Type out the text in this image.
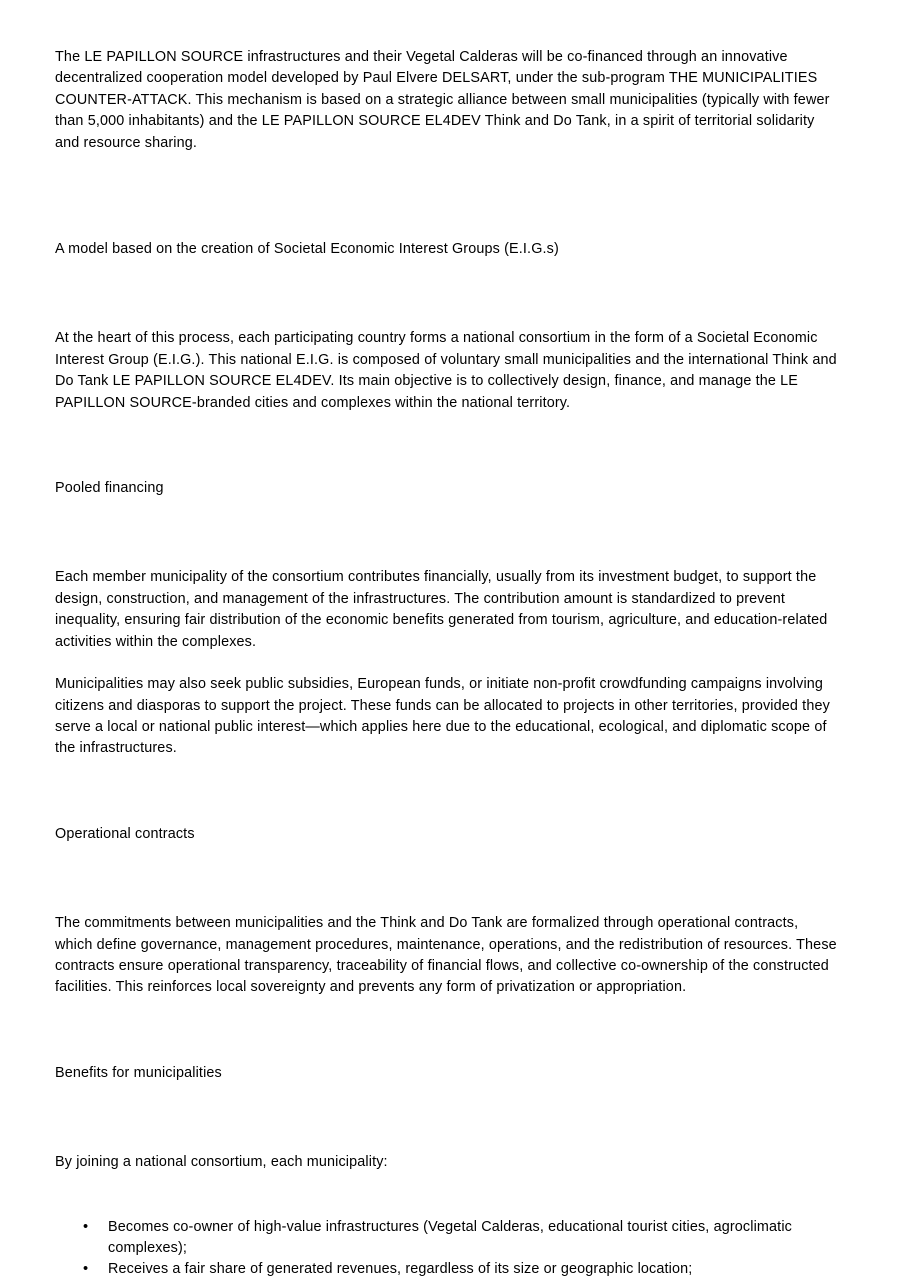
The LE PAPILLON SOURCE infrastructures and their Vegetal Calderas will be co-financed through an innovative decentralized cooperation model developed by Paul Elvere DELSART, under the sub-program THE MUNICIPALITIES COUNTER-ATTACK. This mechanism is based on a strategic alliance between small municipalities (typically with fewer than 5,000 inhabitants) and the LE PAPILLON SOURCE EL4DEV Think and Do Tank, in a spirit of territorial solidarity and resource sharing.

A model based on the creation of Societal Economic Interest Groups (E.I.G.s)

At the heart of this process, each participating country forms a national consortium in the form of a Societal Economic Interest Group (E.I.G.). This national E.I.G. is composed of voluntary small municipalities and the international Think and Do Tank LE PAPILLON SOURCE EL4DEV. Its main objective is to collectively design, finance, and manage the LE PAPILLON SOURCE-branded cities and complexes within the national territory.

Pooled financing

Each member municipality of the consortium contributes financially, usually from its investment budget, to support the design, construction, and management of the infrastructures. The contribution amount is standardized to prevent inequality, ensuring fair distribution of the economic benefits generated from tourism, agriculture, and education-related activities within the complexes.

Municipalities may also seek public subsidies, European funds, or initiate non-profit crowdfunding campaigns involving citizens and diasporas to support the project. These funds can be allocated to projects in other territories, provided they serve a local or national public interest—which applies here due to the educational, ecological, and diplomatic scope of the infrastructures.

Operational contracts

The commitments between municipalities and the Think and Do Tank are formalized through operational contracts, which define governance, management procedures, maintenance, operations, and the redistribution of resources. These contracts ensure operational transparency, traceability of financial flows, and collective co-ownership of the constructed facilities. This reinforces local sovereignty and prevents any form of privatization or appropriation.

Benefits for municipalities

By joining a national consortium, each municipality:

•	Becomes co-owner of high-value infrastructures (Vegetal Calderas, educational tourist cities, agroclimatic complexes);
•	Receives a fair share of generated revenues, regardless of its size or geographic location;
